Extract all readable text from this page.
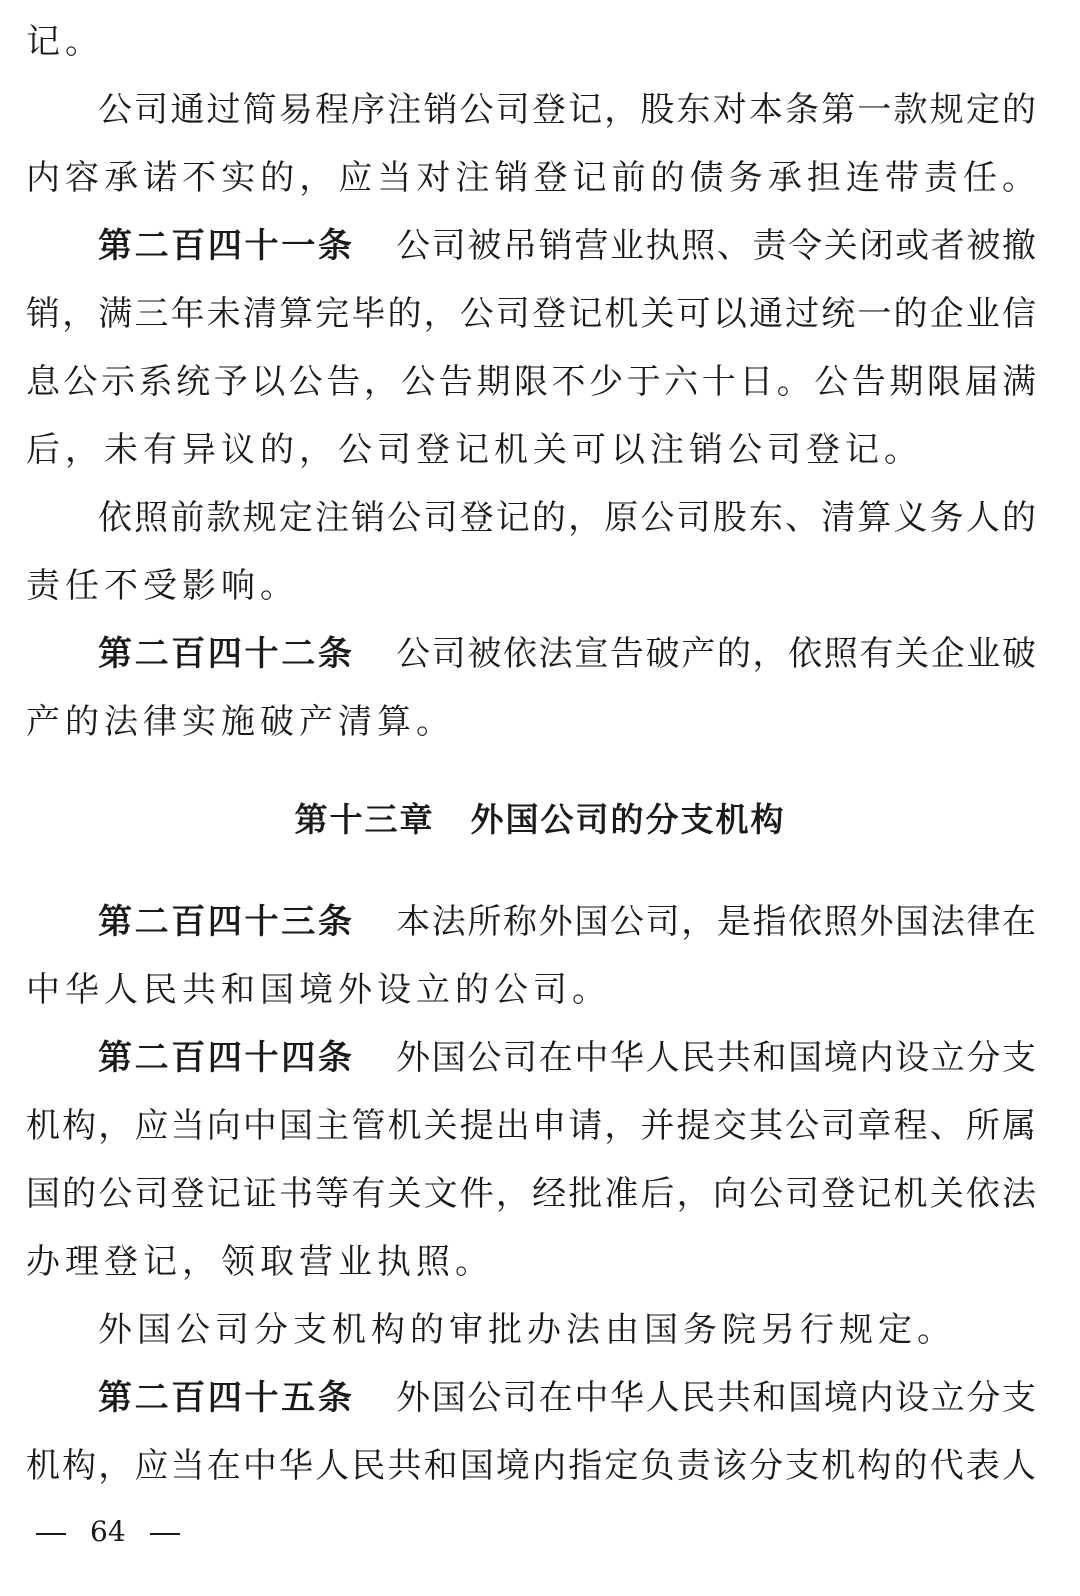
记。
公司通过简易程序注销公司登记，股东对本条第一款规定的
内容承诺不实的，应当对注销登记前的债务承担连带责任。
第二百四十一条 公司被吊销营业执照、责令关闭或者被撤
销，满三年未清算完毕的，公司登记机关可以通过统一的企业信
息公示系统予以公告，公告期限不少于六十日。公告期限届满
后，未有异议的，公司登记机关可以注销公司登记。
依照前款规定注销公司登记的，原公司股东、清算义务人的
责任不受影响。
第二百四十二条 公司被依法宣告破产的，依照有关企业破
产的法律实施破产清算。
第十三章 外国公司的分支机构
第二百四十三条 本法所称外国公司，是指依照外国法律在
中华人民共和国境外设立的公司。
第二百四十四条 外国公司在中华人民共和国境内设立分支
机构，应当向中国主管机关提出申请，并提交其公司章程、所属
国的公司登记证书等有关文件，经批准后，向公司登记机关依法
办理登记，领取营业执照。
外国公司分支机构的审批办法由国务院另行规定。
第二百四十五条 外国公司在中华人民共和国境内设立分支
机构，应当在中华人民共和国境内指定负责该分支机构的代表人
64
